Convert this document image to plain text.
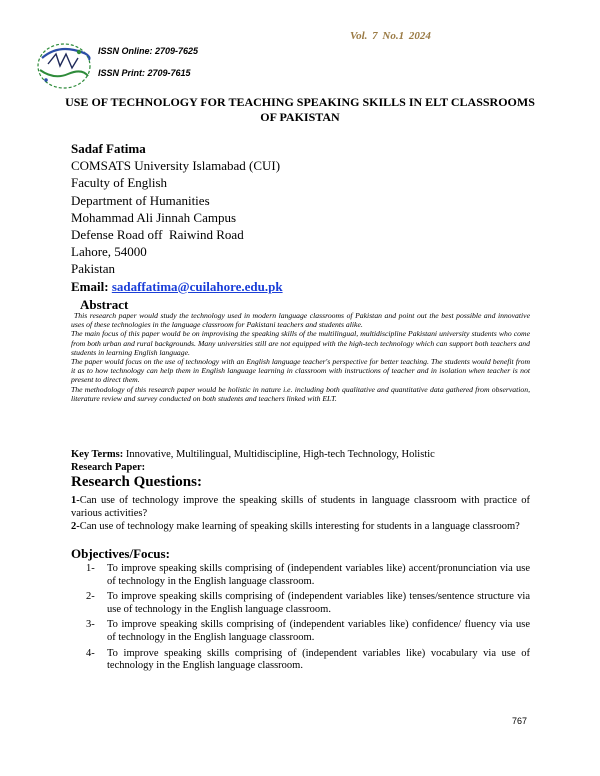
Vol. 7 No.1 2024
ISSN Online: 2709-7625
ISSN Print: 2709-7615
USE OF TECHNOLOGY FOR TEACHING SPEAKING SKILLS IN ELT CLASSROOMS OF PAKISTAN
Sadaf Fatima
COMSATS University Islamabad (CUI)
Faculty of English
Department of Humanities
Mohammad Ali Jinnah Campus
Defense Road off  Raiwind Road
Lahore, 54000
Pakistan
Email: sadaffatima@cuilahore.edu.pk
Abstract

This research paper would study the technology used in modern language classrooms of Pakistan and point out the best possible and innovative uses of these technologies in the language classroom for Pakistani teachers and students alike.

The main focus of this paper would be on improvising the speaking skills of the multilingual, multidiscipline Pakistani university students who come from both urban and rural backgrounds. Many universities still are not equipped with the high-tech technology which can support both teachers and students in learning English language.

The paper would focus on the use of technology with an English language teacher's perspective for better teaching. The students would benefit from it as to how technology can help them in English language learning in classroom with instructions of teacher and in isolation when teacher is not present to direct them.

The methodology of this research paper would be holistic in nature i.e. including both qualitative and quantitative data gathered from observation, literature review and survey conducted on both students and teachers linked with ELT.

Key Terms: Innovative, Multilingual, Multidiscipline, High-tech Technology, Holistic
Research Paper:
Research Questions:
1-Can use of technology improve the speaking skills of students in language classroom with practice of various activities?
2-Can use of technology make learning of speaking skills interesting for students in a language classroom?
Objectives/Focus:
1-	To improve speaking skills comprising of (independent variables like) accent/pronunciation via use of technology in the English language classroom.
2-	To improve speaking skills comprising of (independent variables like) tenses/sentence structure via use of technology in the English language classroom.
3-	To improve speaking skills comprising of (independent variables like) confidence/ fluency via use of technology in the English language classroom.
4-	To improve speaking skills comprising of (independent variables like) vocabulary via use of technology in the English language classroom.
767
